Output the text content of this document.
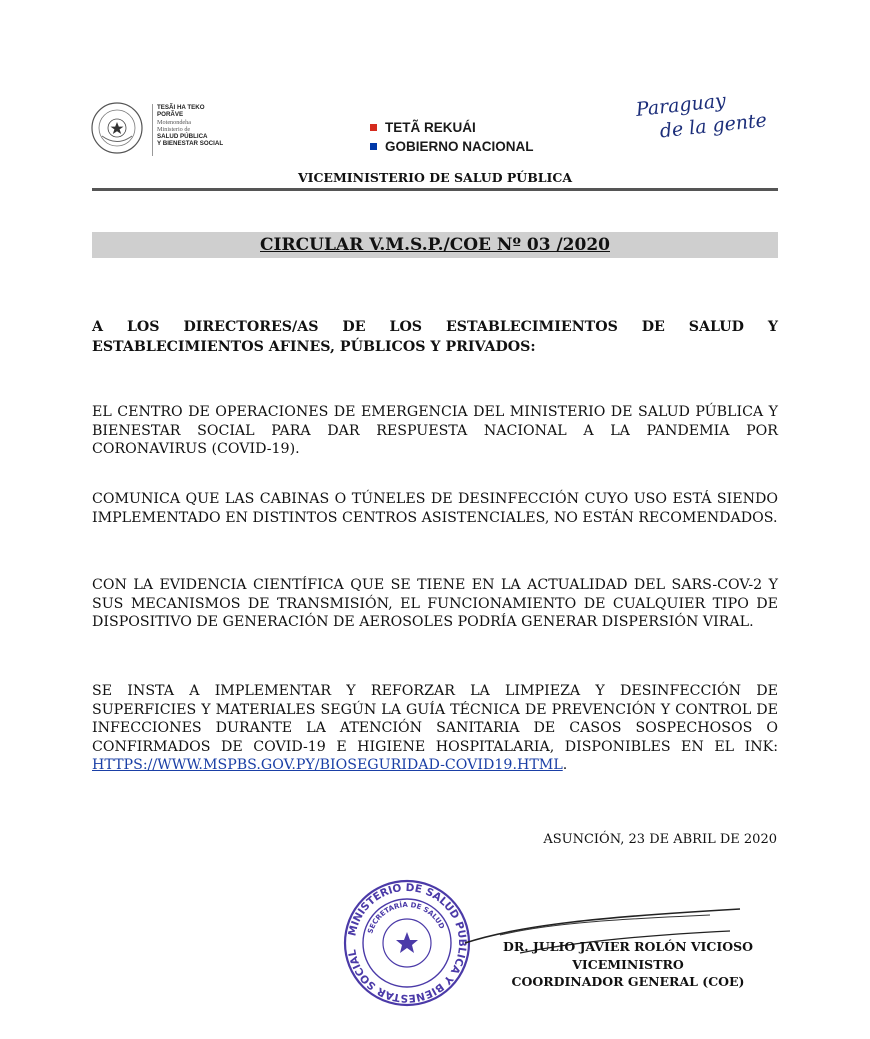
TESÃI HA TEKO
PORÃVE
Motenondeha
Ministerio de
SALUD PÚBLICA
Y BIENESTAR SOCIAL
TETÃ REKUÁI
GOBIERNO NACIONAL
Paraguay
de la gente
VICEMINISTERIO DE SALUD PÚBLICA
CIRCULAR V.M.S.P./COE Nº 03 /2020
A LOS DIRECTORES/AS DE LOS ESTABLECIMIENTOS DE SALUD Y ESTABLECIMIENTOS AFINES, PÚBLICOS Y PRIVADOS:
EL CENTRO DE OPERACIONES DE EMERGENCIA DEL MINISTERIO DE SALUD PÚBLICA Y BIENESTAR SOCIAL PARA DAR RESPUESTA NACIONAL A LA PANDEMIA POR CORONAVIRUS (COVID-19).
COMUNICA QUE LAS CABINAS O TÚNELES DE DESINFECCIÓN CUYO USO ESTÁ SIENDO IMPLEMENTADO EN DISTINTOS CENTROS ASISTENCIALES, NO ESTÁN RECOMENDADOS.
CON LA EVIDENCIA CIENTÍFICA QUE SE TIENE EN LA ACTUALIDAD DEL SARS-COV-2 Y SUS MECANISMOS DE TRANSMISIÓN, EL FUNCIONAMIENTO DE CUALQUIER TIPO DE DISPOSITIVO DE GENERACIÓN DE AEROSOLES PODRÍA GENERAR DISPERSIÓN VIRAL.
SE INSTA A IMPLEMENTAR Y REFORZAR LA LIMPIEZA Y DESINFECCIÓN DE SUPERFICIES Y MATERIALES SEGÚN LA GUÍA TÉCNICA DE PREVENCIÓN Y CONTROL DE INFECCIONES DURANTE LA ATENCIÓN SANITARIA DE CASOS SOSPECHOSOS O CONFIRMADOS DE COVID-19 E HIGIENE HOSPITALARIA, DISPONIBLES EN EL INK: HTTPS://WWW.MSPBS.GOV.PY/BIOSEGURIDAD-COVID19.HTML.
ASUNCIÓN, 23 DE ABRIL DE 2020
MINISTERIO DE SALUD PÚBLICA Y BIENESTAR SOCIAL
SECRETARÍA DE SALUD
DR. JULIO JAVIER ROLÓN VICIOSO
VICEMINISTRO
COORDINADOR GENERAL (COE)
